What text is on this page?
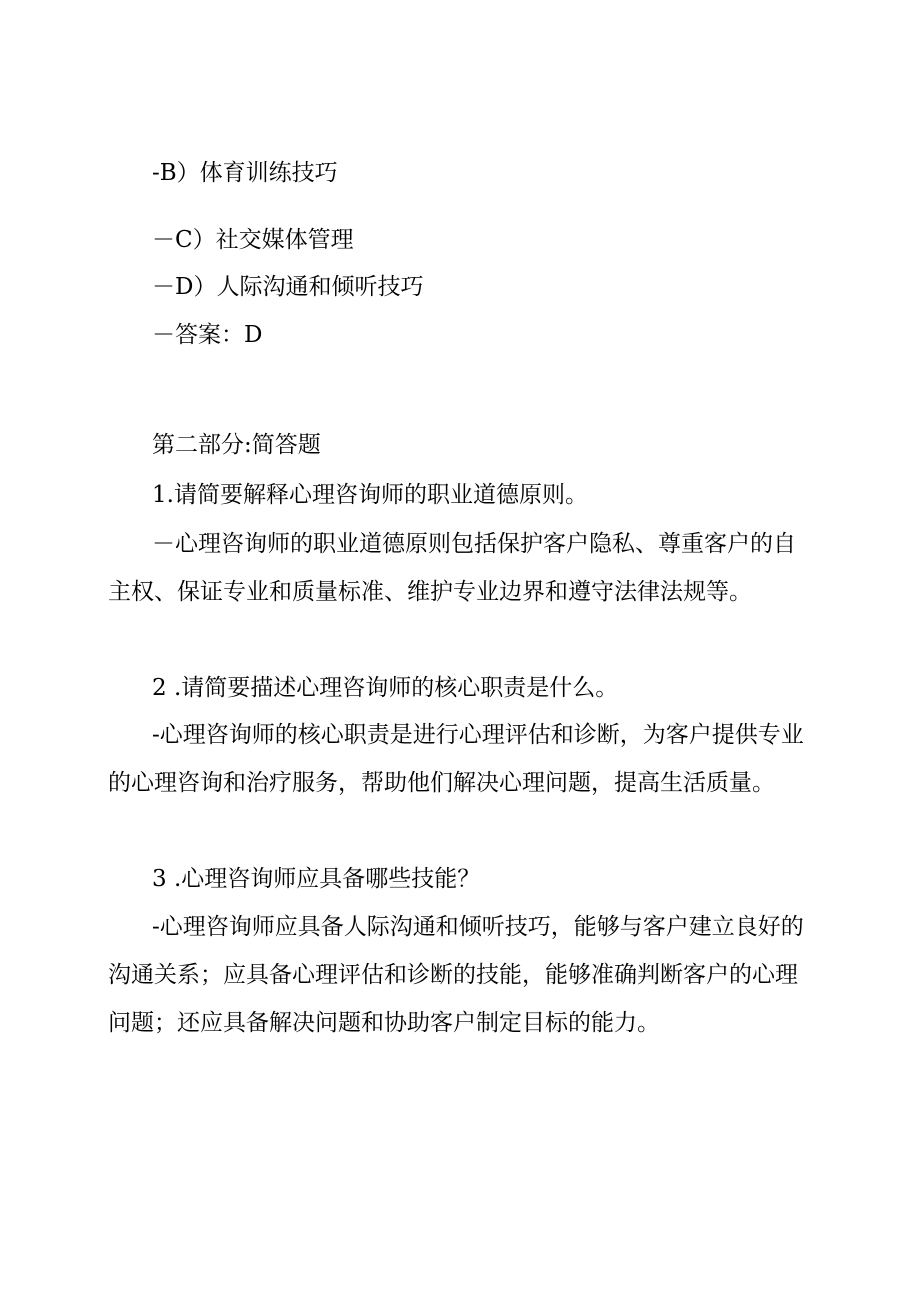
-B）体育训练技巧
－C）社交媒体管理
－D）人际沟通和倾听技巧
－答案：D
第二部分:简答题
1.请简要解释心理咨询师的职业道德原则。
－心理咨询师的职业道德原则包括保护客户隐私、尊重客户的自
主权、保证专业和质量标准、维护专业边界和遵守法律法规等。
2 .请简要描述心理咨询师的核心职责是什么。
-心理咨询师的核心职责是进行心理评估和诊断，为客户提供专业
的心理咨询和治疗服务，帮助他们解决心理问题，提高生活质量。
3 .心理咨询师应具备哪些技能？
-心理咨询师应具备人际沟通和倾听技巧，能够与客户建立良好的
沟通关系；应具备心理评估和诊断的技能，能够准确判断客户的心理
问题；还应具备解决问题和协助客户制定目标的能力。
